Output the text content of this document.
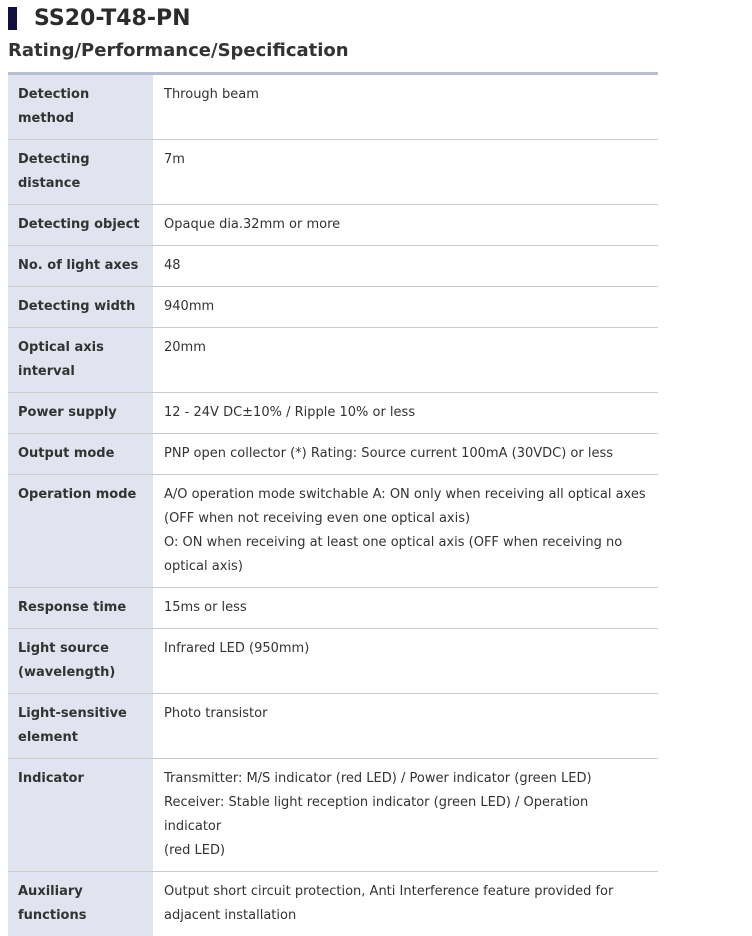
SS20-T48-PN
Rating/Performance/Specification
Detection method	Through beam
Detecting
distance	7m
Detecting object	Opaque dia.32mm or more
No. of light axes	48
Detecting width	940mm
Optical axis
interval	20mm
Power supply	12 - 24V DC±10% / Ripple 10% or less
Output mode	PNP open collector (*) Rating: Source current 100mA (30VDC) or less
Operation mode	A/O operation mode switchable A: ON only when receiving all optical axes
(OFF when not receiving even one optical axis)
O: ON when receiving at least one optical axis (OFF when receiving no
optical axis)
Response time	15ms or less
Light source
(wavelength)	Infrared LED (950mm)
Light-sensitive
element	Photo transistor
Indicator	Transmitter: M/S indicator (red LED) / Power indicator (green LED)
Receiver: Stable light reception indicator (green LED) / Operation indicator
(red LED)
Auxiliary
functions	Output short circuit protection, Anti Interference feature provided for
adjacent installation
